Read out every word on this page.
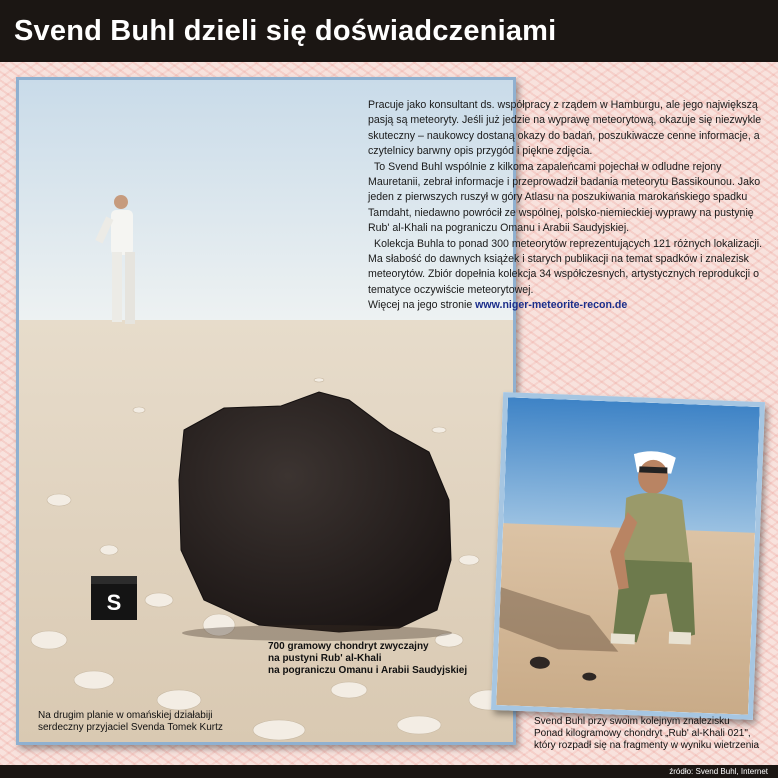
Svend Buhl dzieli się doświadczeniami
S

Pracuje jako konsultant ds. współpracy z rządem w Hamburgu, ale jego największą pasją są meteoryty. Jeśli już jedzie na wyprawę meteorytową, okazuje się niezwykle skuteczny – naukowcy dostaną okazy do badań, poszukiwacze cenne informacje, a czytelnicy barwny opis przygód i piękne zdjęcia.

To Svend Buhl wspólnie z kilkoma zapaleńcami pojechał w odludne rejony Mauretanii, zebrał informacje i przeprowadził badania meteorytu Bassikounou. Jako jeden z pierwszych ruszył w góry Atlasu na poszukiwania marokańskiego spadku Tamdaht, niedawno powrócił ze wspólnej, polsko-niemieckiej wyprawy na pustynię Rub' al-Khali na pograniczu Omanu i Arabii Saudyjskiej.

Kolekcja Buhla to ponad 300 meteorytów reprezentujących 121 różnych lokalizacji. Ma słabość do dawnych książek i starych publikacji na temat spadków i znalezisk meteorytów. Zbiór dopełnia kolekcja 34 współczesnych, artystycznych reprodukcji o tematyce oczywiście meteorytowej.

Więcej na jego stronie www.niger-meteorite-recon.de

700 gramowy chondryt zwyczajny
na pustyni Rub' al-Khali
na pograniczu Omanu i Arabii Saudyjskiej
Na drugim planie w omańskiej działabiji
serdeczny przyjaciel Svenda Tomek Kurtz
Svend Buhl przy swoim kolejnym znalezisku
Ponad kilogramowy chondryt „Rub' al-Khali 021",
który rozpadł się na fragmenty w wyniku wietrzenia
źródło: Svend Buhl, Internet
